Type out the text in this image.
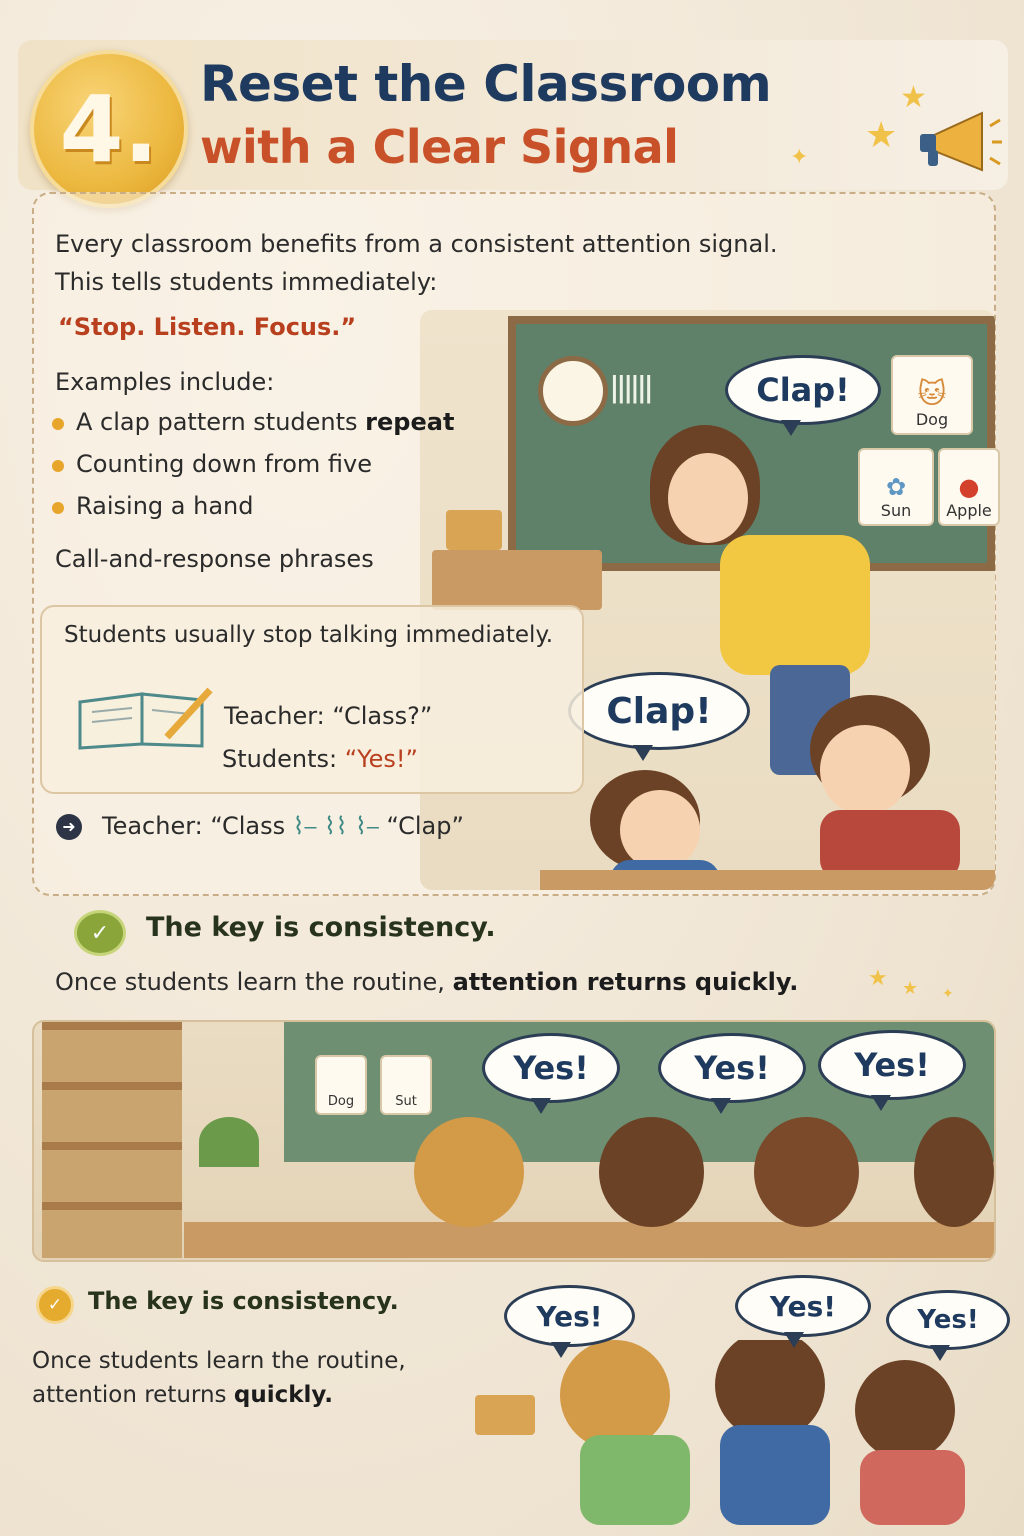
4. Reset the Classroom
with a Clear Signal
★
★
✦
ǀǀǀǀǀǀ	🐱
Dog
✿
Sun
●
Apple
Clap!
Clap!
Every classroom benefits from a consistent attention signal.
This tells students immediately:
“Stop. Listen. Focus.”
Examples include:
A clap pattern students repeat
Counting down from five
Raising a hand
Call-and-response phrases
Students usually stop talking immediately.
Teacher: “Class?”
Students: “Yes!”
➜ Teacher: “Class ⌇⎯ ⌇⌇ ⌇⎯ “Clap”
✓	The key is consistency.
Once students learn the routine, attention returns quickly.	★ ★ ✦
Dog	Sut
Yes!	Yes!	Yes!
✓	The key is consistency.
Once students learn the routine,
attention returns quickly.
Yes!	Yes!	Yes!
